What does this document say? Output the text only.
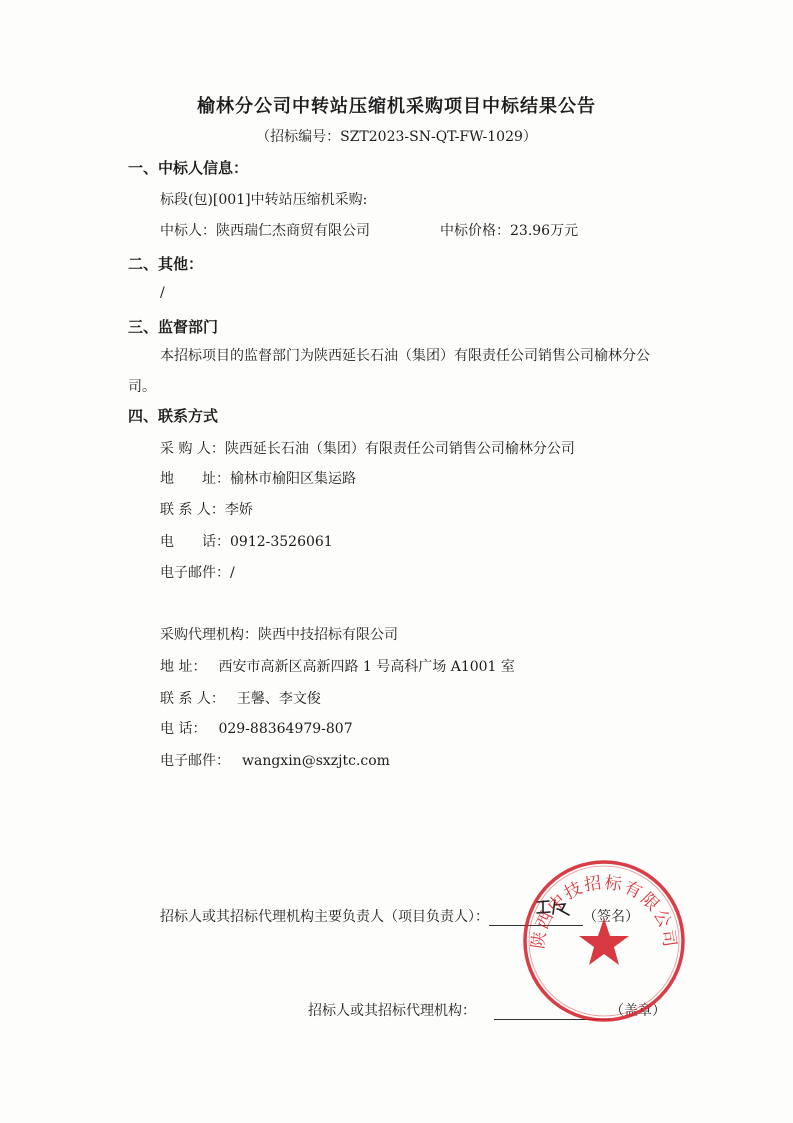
榆林分公司中转站压缩机采购项目中标结果公告
（招标编号：SZT2023-SN-QT-FW-1029）
一、中标人信息：
标段(包)[001]中转站压缩机采购:
中标人：陕西瑞仁杰商贸有限公司	中标价格：23.96万元
二、其他：
/
三、监督部门
本招标项目的监督部门为陕西延长石油（集团）有限责任公司销售公司榆林分公司。
四、联系方式
采 购 人：陕西延长石油（集团）有限责任公司销售公司榆林分公司
地　　址：榆林市榆阳区集运路
联 系 人：李娇
电　　话：0912-3526061
电子邮件：/
采购代理机构：陕西中技招标有限公司
地 址： 西安市高新区高新四路 1 号高科广场 A1001 室
联 系 人： 王馨、李文俊
电 话： 029-88364979-807
电子邮件： wangxin@sxzjtc.com
招标人或其招标代理机构主要负责人（项目负责人）：	（签名）
招标人或其招标代理机构：	（盖章）
陕西中技招标有限公司
